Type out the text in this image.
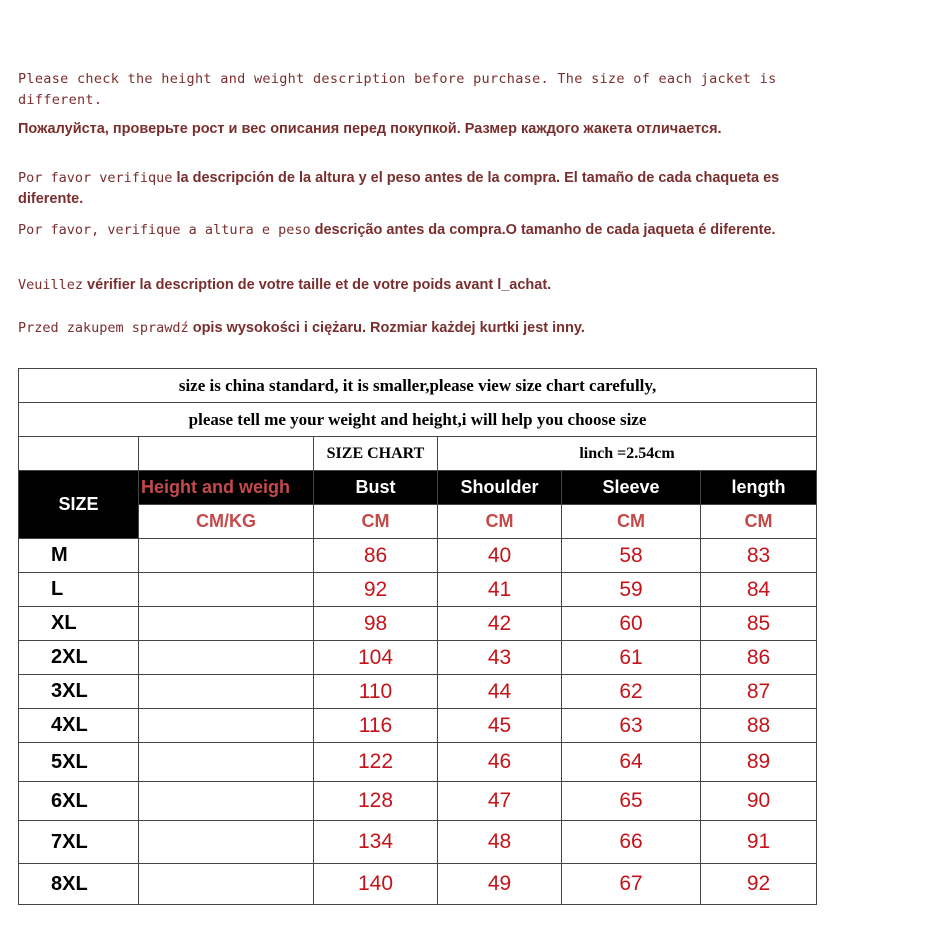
Please check the height and weight description before purchase. The size of each jacket is different.
Пожалуйста, проверьте рост и вес описания перед покупкой. Размер каждого жакета отличается.
Por favor verifique la descripción de la altura y el peso antes de la compra. El tamaño de cada chaqueta es diferente.
Por favor, verifique a altura e peso descrição antes da compra.O tamanho de cada jaqueta é diferente.
Veuillez vérifier la description de votre taille et de votre poids avant l_achat.
Przed zakupem sprawdź opis wysokości i ciężaru. Rozmiar każdej kurtki jest inny.
size is china standard, it is smaller,please view size chart carefully,					
please tell me your weight and height,i will help you choose size					
		SIZE CHART	linch =2.54cm		
SIZE	Height and weigh	Bust	Shoulder	Sleeve	length
	CM/KG	CM	CM	CM	CM
M		86	40	58	83
L		92	41	59	84
XL		98	42	60	85
2XL		104	43	61	86
3XL		110	44	62	87
4XL		116	45	63	88
5XL		122	46	64	89
6XL		128	47	65	90
7XL		134	48	66	91
8XL		140	49	67	92
